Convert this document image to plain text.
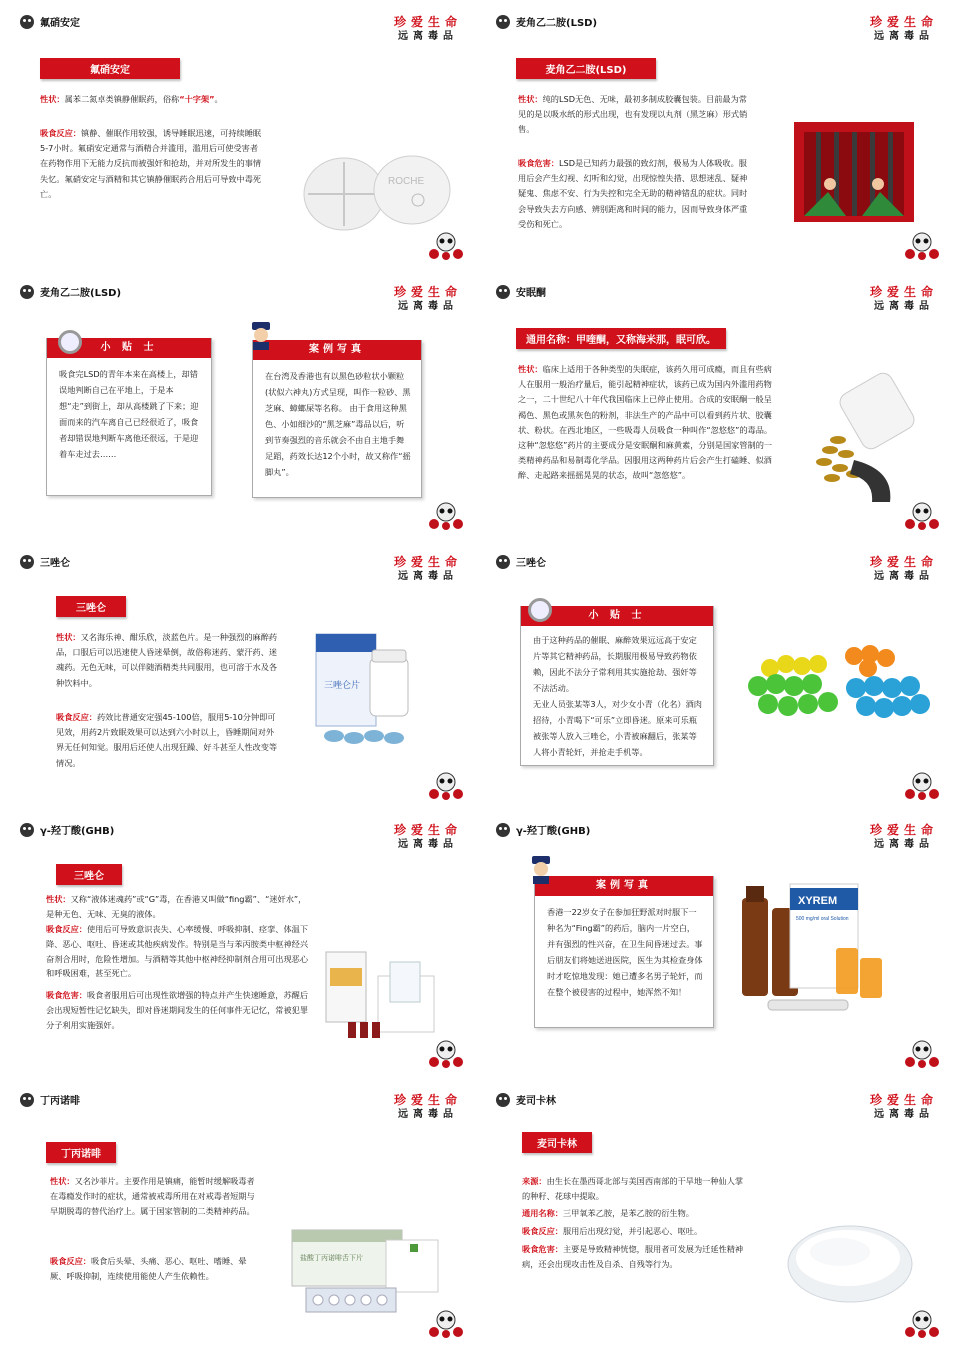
氟硝安定	珍爱生命
远离毒品
氟硝安定
性状：属苯二氮卓类镇静催眠药，俗称“十字架”。
吸食反应：镇静、催眠作用较强，诱导睡眠迅速，可持续睡眠5-7小时。氟硝安定通常与酒精合并滥用，滥用后可使受害者在药物作用下无能力反抗而被强奸和抢劫，并对所发生的事情失忆。氟硝安定与酒精和其它镇静催眠药合用后可导致中毒死亡。
ROCHE
麦角乙二胺(LSD)	珍爱生命
远离毒品
麦角乙二胺(LSD)
性状：纯的LSD无色、无味，最初多制成胶囊包装。目前最为常见的是以吸水纸的形式出现，也有发现以丸剂（黑芝麻）形式销售。
吸食危害：LSD是已知药力最强的致幻剂，极易为人体吸收。服用后会产生幻视、幻听和幻觉，出现惊惶失措、思想迷乱、疑神疑鬼、焦虑不安、行为失控和完全无助的精神错乱的症状。同时会导致失去方向感、辨别距离和时间的能力，因而导致身体严重受伤和死亡。
麦角乙二胺(LSD)	珍爱生命
远离毒品
小 贴 士
吸食完LSD的青年本来在高楼上，却错误地判断自己在平地上，于是本想“走”到街上，却从高楼跳了下来；迎面而来的汽车离自己已经很近了，吸食者却错误地判断车离他还很远，于是迎着车走过去……
案例写真
在台湾及香港也有以黑色砂粒状小颗粒(状似六神丸)方式呈现，叫作一粒砂、黑芝麻、蟑螂屎等名称。 由于食用这种黑色、小如细沙的“黑芝麻”毒品以后，听到节奏强烈的音乐就会不由自主地手舞足蹈，药效长达12个小时，故又称作“摇脚丸”。
安眠酮	珍爱生命
远离毒品
通用名称：甲喹酮，又称海米那，眠可欣。
性状：临床上适用于各种类型的失眠症，该药久用可成瘾，而且有些病人在服用一般治疗量后，能引起精神症状，该药已成为国内外滥用药物之一，二十世纪八十年代我国临床上已停止使用。合成的安眠酮一般呈褐色、黑色或黑灰色的粉剂，非法生产的产品中可以看到药片状、胶囊状、粉状。在西北地区，一些吸毒人员吸食一种叫作“忽悠悠”的毒品。这种“忽悠悠”药片的主要成分是安眠酮和麻黄素，分别是国家管制的一类精神药品和易制毒化学品。因服用这两种药片后会产生打磕睡、似酒醉、走起路来摇摇晃晃的状态，故叫“忽悠悠”。
三唑仑	珍爱生命
远离毒品
三唑仑
性状：又名海乐神、酣乐欣，淡蓝色片。是一种强烈的麻醉药品，口服后可以迅速使人昏迷晕倒，故俗称迷药、蒙汗药、迷魂药。无色无味，可以伴随酒精类共同服用，也可溶于水及各种饮料中。
吸食反应：药效比普通安定强45-100倍，服用5-10分钟即可见效，用药2片致眠效果可以达到六小时以上，昏睡期间对外界无任何知觉。服用后还使人出现狂躁、好斗甚至人性改变等情况。
三唑仑片
三唑仑	珍爱生命
远离毒品
小 贴 士
由于这种药品的催眠、麻醉效果远远高于安定片等其它精神药品，长期服用极易导致药物依赖，因此不法分子常利用其实施抢劫、强奸等不法活动。
无业人员张某等3人，对少女小青（化名）酒肉招待，小青喝下“可乐”立即昏迷。原来可乐瓶被张等人放入三唑仑，小青被麻翻后，张某等人将小青轮奸，并抢走手机等。
γ-羟丁酸(GHB)	珍爱生命
远离毒品
三唑仑
性状：又称“液体迷魂药”或“G”毒，在香港又叫做“fing霸”、“迷奸水”，是种无色、无味、无臭的液体。
吸食反应：使用后可导致意识丧失、心率缓慢、呼吸抑制、痉挛、体温下降、恶心、呕吐、昏迷或其他疾病发作。特别是当与苯丙胺类中枢神经兴奋剂合用时，危险性增加。与酒精等其他中枢神经抑制剂合用可出现恶心和呼吸困难，甚至死亡。
吸食危害：吸食者服用后可出现性欲增强的特点并产生快速睡意，苏醒后会出现短暂性记忆缺失，即对昏迷期间发生的任何事件无记忆，常被犯罪分子利用实施强奸。
γ-羟丁酸(GHB)	珍爱生命
远离毒品
案例写真
香港一22岁女子在参加狂野派对时服下一种名为“Fing霸”的药后，脑内一片空白，并有强烈的性兴奋，在卫生间昏迷过去。事后朋友们将她送进医院，医生为其检查身体时才吃惊地发现：她已遭多名男子轮奸，而在整个被侵害的过程中，她浑然不知！
XYREM
500 mg/ml oral Solution
丁丙诺啡	珍爱生命
远离毒品
丁丙诺啡
性状：又名沙菲片。主要作用是镇痛，能暂时缓解吸毒者在毒瘾发作时的症状，通常被戒毒所用在对戒毒者短期与早期脱毒的替代治疗上。属于国家管制的二类精神药品。
吸食反应：吸食后头晕、头痛、恶心、呕吐、嗜睡、晕厥、呼吸抑制，连续使用能使人产生依赖性。
盐酸丁丙诺啡舌下片
麦司卡林	珍爱生命
远离毒品
麦司卡林
来源：由生长在墨西哥北部与美国西南部的干旱地一种仙人掌的种籽、花球中提取。
通用名称：三甲氧苯乙胺，是苯乙胺的衍生物。
吸食反应：服用后出现幻觉，并引起恶心、呕吐。
吸食危害：主要是导致精神恍惚，服用者可发展为迁延性精神病，还会出现攻击性及自杀、自残等行为。
